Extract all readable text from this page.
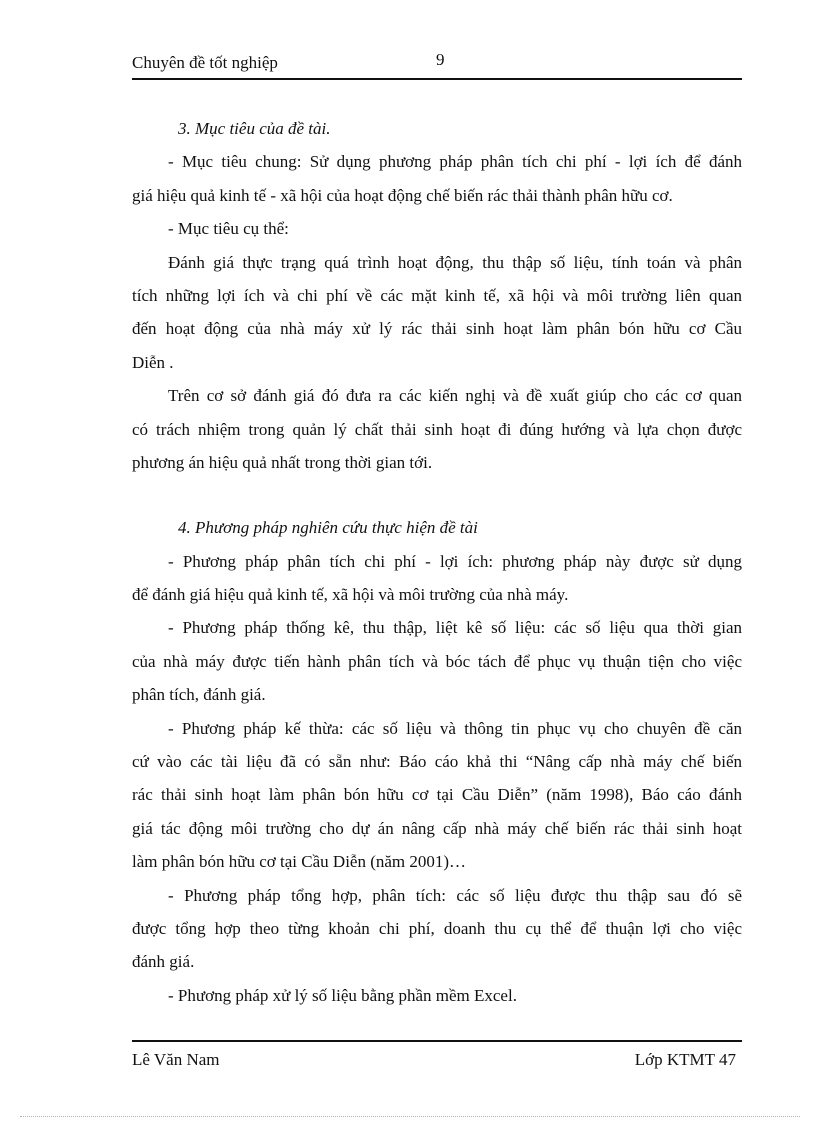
Chuyên đề tốt nghiệp	9
3. Mục tiêu của đề tài.
- Mục tiêu chung: Sử dụng phương pháp phân tích chi phí - lợi ích để đánh
giá hiệu quả kinh tế - xã hội của hoạt động chế biến rác thải thành phân hữu cơ.
- Mục tiêu cụ thể:
Đánh giá thực trạng quá trình hoạt động, thu thập số liệu, tính toán và phân
tích những lợi ích và chi phí về các mặt kinh tế, xã hội và môi trường liên quan
đến hoạt động của nhà máy xử lý rác thải sinh hoạt làm phân bón hữu cơ Cầu
Diễn .
Trên cơ sở đánh giá đó đưa ra các kiến nghị và đề xuất giúp cho các cơ quan
có trách nhiệm trong quản lý chất thải sinh hoạt đi đúng hướng và lựa chọn được
phương án hiệu quả nhất trong thời gian tới.
4. Phương pháp nghiên cứu thực hiện đề tài
- Phương pháp phân tích chi phí - lợi ích: phương pháp này được sử dụng
để đánh giá hiệu quả kinh tế, xã hội và môi trường của nhà máy.
- Phương pháp thống kê, thu thập, liệt kê số liệu: các số liệu qua thời gian
của nhà máy được tiến hành phân tích và bóc tách để phục vụ thuận tiện cho việc
phân tích, đánh giá.
- Phương pháp kế thừa: các số liệu và thông tin phục vụ cho chuyên đề căn
cứ vào các tài liệu đã có sẵn như: Báo cáo khả thi “Nâng cấp nhà máy chế biến
rác thải sinh hoạt làm phân bón hữu cơ tại Cầu Diễn” (năm 1998), Báo cáo đánh
giá tác động môi trường cho dự án nâng cấp nhà máy chế biến rác thải sinh hoạt
làm phân bón hữu cơ tại Cầu Diễn (năm 2001)…
- Phương pháp tổng hợp, phân tích: các số liệu được thu thập sau đó sẽ
được tổng hợp theo từng khoản chi phí, doanh thu cụ thể để thuận lợi cho việc
đánh giá.
- Phương pháp xử lý số liệu bằng phần mềm Excel.
Lê Văn Nam	Lớp KTMT 47
